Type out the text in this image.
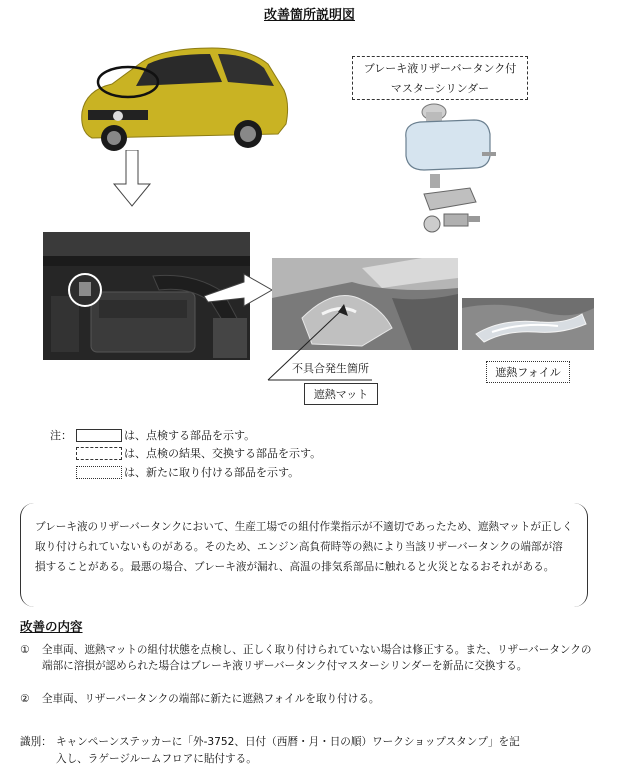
改善箇所説明図
ブレーキ液リザーバータンク付
マスターシリンダー
不具合発生箇所
遮熱マット
遮熱フォイル
注：	は、点検する部品を示す。
は、点検の結果、交換する部品を示す。
は、新たに取り付ける部品を示す。
ブレーキ液のリザーバータンクにおいて、生産工場での組付作業指示が不適切であったため、遮熱マットが正しく取り付けられていないものがある。そのため、エンジン高負荷時等の熱により当該リザーバータンクの端部が溶損することがある。最悪の場合、ブレーキ液が漏れ、高温の排気系部品に触れると火災となるおそれがある。
改善の内容
①	全車両、遮熱マットの組付状態を点検し、正しく取り付けられていない場合は修正する。また、リザーバータンクの端部に溶損が認められた場合はブレーキ液リザーバータンク付マスターシリンダーを新品に交換する。
②	全車両、リザーバータンクの端部に新たに遮熱フォイルを取り付ける。
識別： キャンペーンステッカーに「外-3752、日付（西暦・月・日の順）ワークショップスタンプ」を記入し、ラゲージルームフロアに貼付する。
